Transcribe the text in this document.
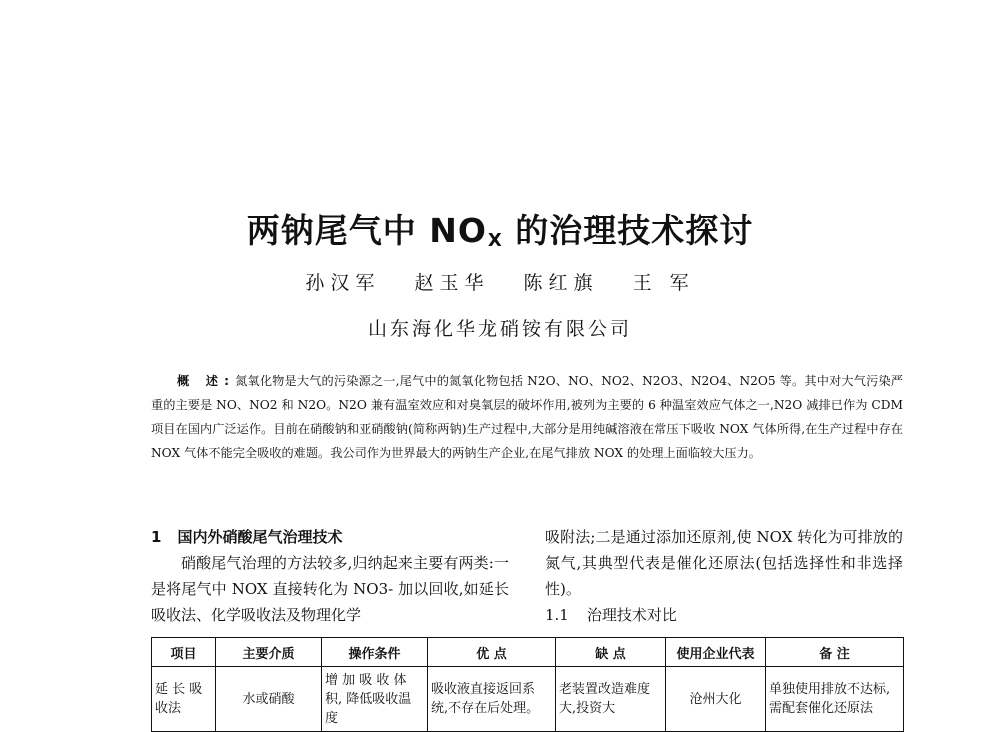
两钠尾气中 $NO_X$ 的治理技术探讨
孙汉军 赵玉华 陈红旗 王 军
山东海化华龙硝铵有限公司

概 述:氮氧化物是大气的污染源之一,尾气中的氮氧化物包括 N2O、NO、NO2、N2O3、N2O4、N2O5 等。其中对大气污染严重的主要是 NO、NO2 和 N2O。N2O 兼有温室效应和对臭氧层的破坏作用,被列为主要的 6 种温室效应气体之一,N2O 减排已作为 CDM 项目在国内广泛运作。目前在硝酸钠和亚硝酸钠(简称两钠)生产过程中,大部分是用纯碱溶液在常压下吸收 NOX 气体所得,在生产过程中存在 NOX 气体不能完全吸收的难题。我公司作为世界最大的两钠生产企业,在尾气排放 NOX 的处理上面临较大压力。

1 国内外硝酸尾气治理技术

硝酸尾气治理的方法较多,归纳起来主要有两类:一是将尾气中 NOX 直接转化为 NO3- 加以回收,如延长吸收法、化学吸收法及物理化学

吸附法;二是通过添加还原剂,使 NOX 转化为可排放的氮气,其典型代表是催化还原法(包括选择性和非选择性)。

1.1 治理技术对比

项目	主要介质	操作条件	优 点	缺 点	使用企业代表	备 注
延 长 吸 收法	水或硝酸	增 加 吸 收 体 积, 降低吸收温度	吸收液直接返回系统,不存在后处理。	老装置改造难度大,投资大	沧州大化	单独使用排放不达标,需配套催化还原法
